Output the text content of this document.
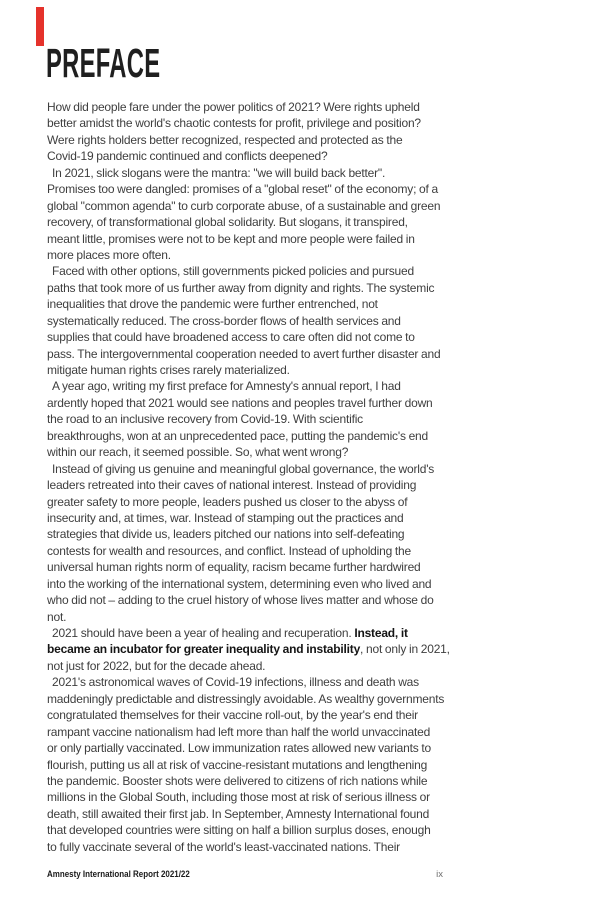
PREFACE
How did people fare under the power politics of 2021? Were rights upheld
better amidst the world's chaotic contests for profit, privilege and position?
Were rights holders better recognized, respected and protected as the
Covid-19 pandemic continued and conflicts deepened?
In 2021, slick slogans were the mantra: "we will build back better".
Promises too were dangled: promises of a "global reset" of the economy; of a
global "common agenda" to curb corporate abuse, of a sustainable and green
recovery, of transformational global solidarity. But slogans, it transpired,
meant little, promises were not to be kept and more people were failed in
more places more often.
Faced with other options, still governments picked policies and pursued
paths that took more of us further away from dignity and rights. The systemic
inequalities that drove the pandemic were further entrenched, not
systematically reduced. The cross-border flows of health services and
supplies that could have broadened access to care often did not come to
pass. The intergovernmental cooperation needed to avert further disaster and
mitigate human rights crises rarely materialized.
A year ago, writing my first preface for Amnesty's annual report, I had
ardently hoped that 2021 would see nations and peoples travel further down
the road to an inclusive recovery from Covid-19. With scientific
breakthroughs, won at an unprecedented pace, putting the pandemic's end
within our reach, it seemed possible. So, what went wrong?
Instead of giving us genuine and meaningful global governance, the world's
leaders retreated into their caves of national interest. Instead of providing
greater safety to more people, leaders pushed us closer to the abyss of
insecurity and, at times, war. Instead of stamping out the practices and
strategies that divide us, leaders pitched our nations into self-defeating
contests for wealth and resources, and conflict. Instead of upholding the
universal human rights norm of equality, racism became further hardwired
into the working of the international system, determining even who lived and
who did not – adding to the cruel history of whose lives matter and whose do
not.
2021 should have been a year of healing and recuperation. Instead, it
became an incubator for greater inequality and instability, not only in 2021,
not just for 2022, but for the decade ahead.
2021's astronomical waves of Covid-19 infections, illness and death was
maddeningly predictable and distressingly avoidable. As wealthy governments
congratulated themselves for their vaccine roll-out, by the year's end their
rampant vaccine nationalism had left more than half the world unvaccinated
or only partially vaccinated. Low immunization rates allowed new variants to
flourish, putting us all at risk of vaccine-resistant mutations and lengthening
the pandemic. Booster shots were delivered to citizens of rich nations while
millions in the Global South, including those most at risk of serious illness or
death, still awaited their first jab. In September, Amnesty International found
that developed countries were sitting on half a billion surplus doses, enough
to fully vaccinate several of the world's least-vaccinated nations. Their
Amnesty International Report 2021/22	ix
